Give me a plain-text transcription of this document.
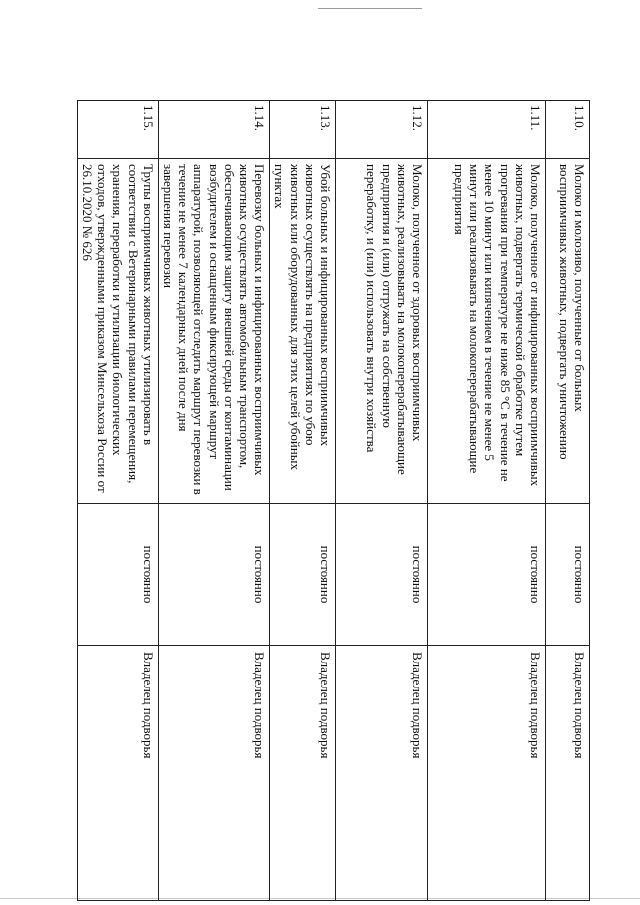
1.10.	Молоко и молозиво, полученные от больных восприимчивых животных, подвергать уничтожению	постоянно	Владелец подворья
1.11.	Молоко, полученное от инфицированных восприимчивых животных, подвергать термической обработке путем прогревания при температуре не ниже 85 °C в течение не менее 10 минут или кипячением в течение не менее 5 минут или реализовывать на молокоперерабатывающие предприятия	постоянно	Владелец подворья
1.12.	Молоко, полученное от здоровых восприимчивых животных, реализовывать на молокоперерабатывающие предприятия и (или) отгружать на собственную переработку, и (или) использовать внутри хозяйства	постоянно	Владелец подворья
1.13.	Убой больных и инфицированных восприимчивых животных осуществлять на предприятиях по убою животных или оборудованных для этих целей убойных пунктах	постоянно	Владелец подворья
1.14.	Перевозку больных и инфицированных восприимчивых животных осуществлять автомобильным транспортом, обеспечивающим защиту внешней среды от контаминации возбудителем и оснащенным фиксирующей маршрут аппаратурой, позволяющей отследить маршрут перевозки в течение не менее 7 календарных дней после дня завершения перевозки	постоянно	Владелец подворья
1.15.	Трупы восприимчивых животных утилизировать в соответствии с Ветеринарными правилами перемещения, хранения, переработки и утилизации биологических отходов, утвержденными приказом Минсельхоза России от 26.10.2020 № 626	постоянно	Владелец подворья
